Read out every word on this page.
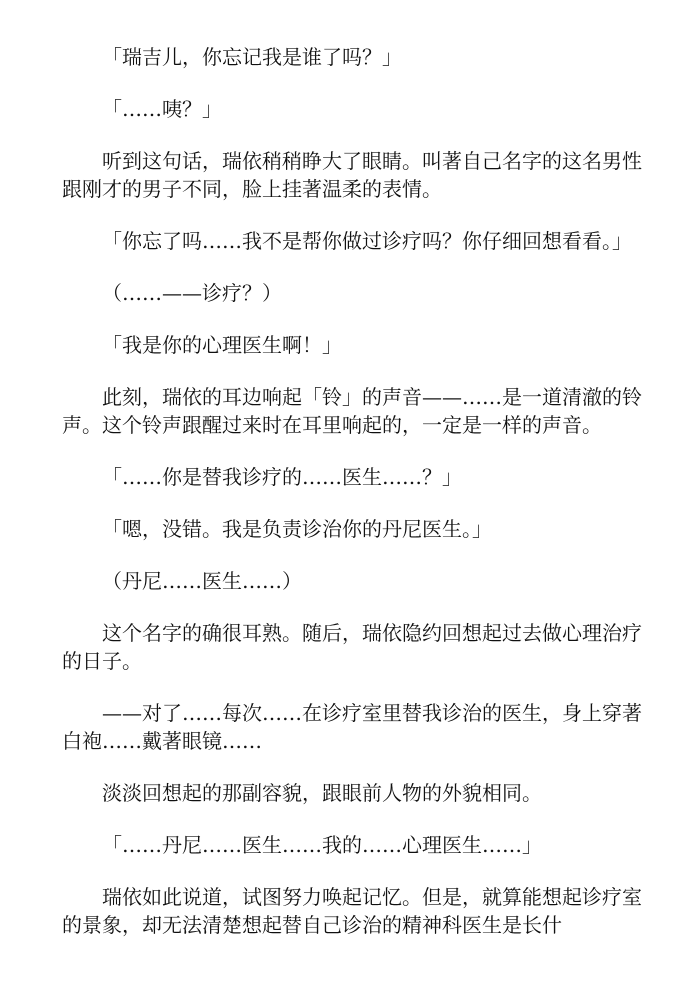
「瑞吉儿，你忘记我是谁了吗？」

「……咦？」

听到这句话，瑞依稍稍睁大了眼睛。叫著自己名字的这名男性跟刚才的男子不同，脸上挂著温柔的表情。

「你忘了吗……我不是帮你做过诊疗吗？你仔细回想看看。」

（……——诊疗？）

「我是你的心理医生啊！」

此刻，瑞依的耳边响起「铃」的声音——……是一道清澈的铃声。这个铃声跟醒过来时在耳里响起的，一定是一样的声音。

「……你是替我诊疗的……医生……？」

「嗯，没错。我是负责诊治你的丹尼医生。」

（丹尼……医生……）

这个名字的确很耳熟。随后，瑞依隐约回想起过去做心理治疗的日子。

——对了……每次……在诊疗室里替我诊治的医生，身上穿著白袍……戴著眼镜……

淡淡回想起的那副容貌，跟眼前人物的外貌相同。

「……丹尼……医生……我的……心理医生……」

瑞依如此说道，试图努力唤起记忆。但是，就算能想起诊疗室的景象，却无法清楚想起替自己诊治的精神科医生是长什
